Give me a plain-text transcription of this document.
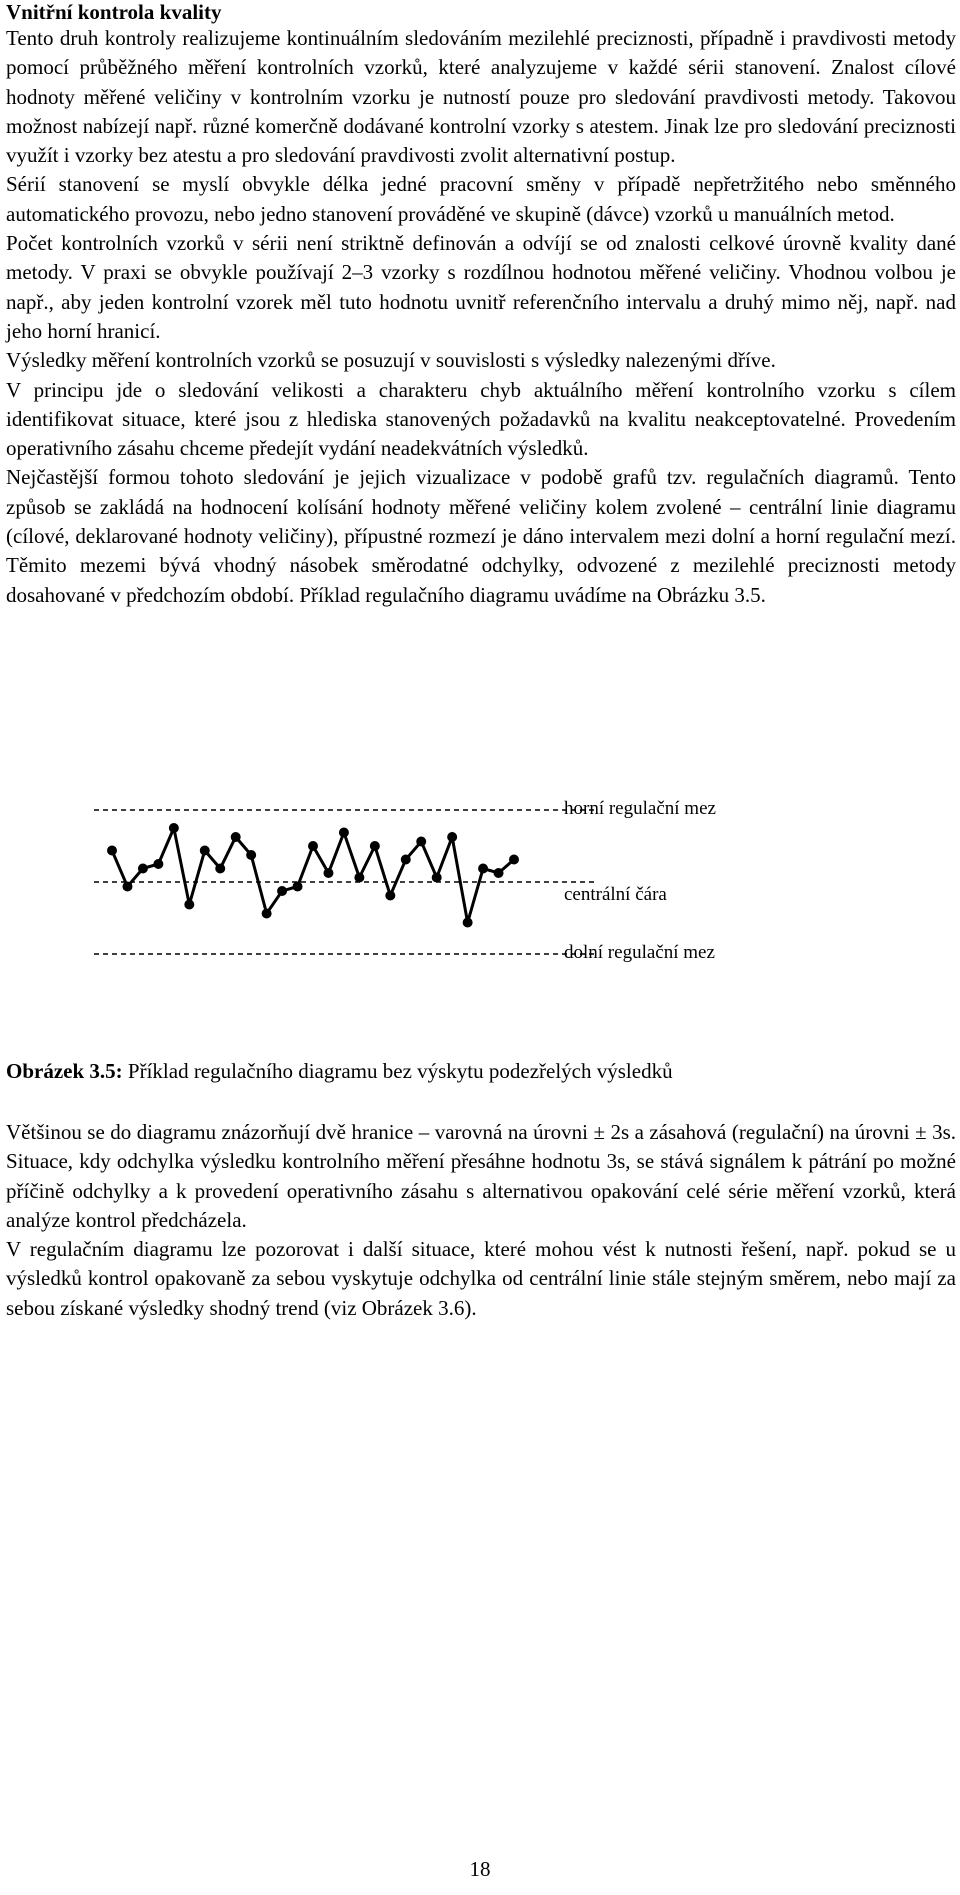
Vnitřní kontrola kvality

Tento druh kontroly realizujeme kontinuálním sledováním mezilehlé preciznosti, případně i pravdivosti metody pomocí průběžného měření kontrolních vzorků, které analyzujeme v každé sérii stanovení. Znalost cílové hodnoty měřené veličiny v kontrolním vzorku je nutností pouze pro sledování pravdivosti metody. Takovou možnost nabízejí např. různé komerčně dodávané kontrolní vzorky s atestem. Jinak lze pro sledování preciznosti využít i vzorky bez atestu a pro sledování pravdivosti zvolit alternativní postup.

Sérií stanovení se myslí obvykle délka jedné pracovní směny v případě nepřetržitého nebo směnného automatického provozu, nebo jedno stanovení prováděné ve skupině (dávce) vzorků u manuálních metod.

Počet kontrolních vzorků v sérii není striktně definován a odvíjí se od znalosti celkové úrovně kvality dané metody. V praxi se obvykle používají 2–3 vzorky s rozdílnou hodnotou měřené veličiny. Vhodnou volbou je např., aby jeden kontrolní vzorek měl tuto hodnotu uvnitř referenčního intervalu a druhý mimo něj, např. nad jeho horní hranicí.

Výsledky měření kontrolních vzorků se posuzují v souvislosti s výsledky nalezenými dříve.

V principu jde o sledování velikosti a charakteru chyb aktuálního měření kontrolního vzorku s cílem identifikovat situace, které jsou z hlediska stanovených požadavků na kvalitu neakceptovatelné. Provedením operativního zásahu chceme předejít vydání neadekvátních výsledků.

Nejčastější formou tohoto sledování je jejich vizualizace v podobě grafů tzv. regulačních diagramů. Tento způsob se zakládá na hodnocení kolísání hodnoty měřené veličiny kolem zvolené – centrální linie diagramu (cílové, deklarované hodnoty veličiny), přípustné rozmezí je dáno intervalem mezi dolní a horní regulační mezí. Těmito mezemi bývá vhodný násobek směrodatné odchylky, odvozené z mezilehlé preciznosti metody dosahované v předchozím období. Příklad regulačního diagramu uvádíme na Obrázku 3.5.

horní regulační mez
centrální čára
dolní regulační mez
Obrázek 3.5: Příklad regulačního diagramu bez výskytu podezřelých výsledků

Většinou se do diagramu znázorňují dvě hranice – varovná na úrovni ± 2s a zásahová (regulační) na úrovni ± 3s. Situace, kdy odchylka výsledku kontrolního měření přesáhne hodnotu 3s, se stává signálem k pátrání po možné příčině odchylky a k provedení operativního zásahu s alternativou opakování celé série měření vzorků, která analýze kontrol předcházela.

V regulačním diagramu lze pozorovat i další situace, které mohou vést k nutnosti řešení, např. pokud se u výsledků kontrol opakovaně za sebou vyskytuje odchylka od centrální linie stále stejným směrem, nebo mají za sebou získané výsledky shodný trend (viz Obrázek 3.6).

18
